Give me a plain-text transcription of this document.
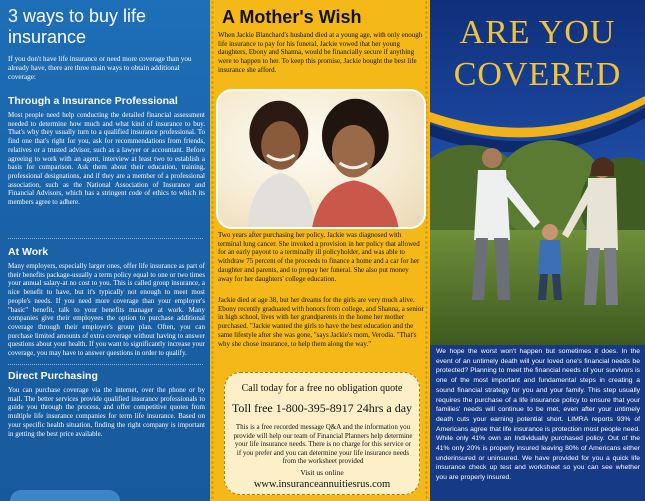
3 ways to buy life insurance

If you don't have life insurance or need more coverage than you already have, there are three main ways to obtain additional coverage:

Through a Insurance Professional

Most people need help conducting the detailed financial assessment needed to determine how much and what kind of insurance to buy. That's why they usually turn to a qualified insurance professional. To find one that's right for you, ask for recommendations from friends, relatives or a trusted advisor, such as a lawyer or accountant. Before agreeing to work with an agent, interview at least two to establish a basis for comparison. Ask them about their education, training, professional designations, and if they are a member of a professional association, such as the National Association of Insurance and Financial Advisors, which has a stringent code of ethics to which its members agree to adhere.

At Work

Many employers, especially larger ones, offer life insurance as part of their benefits package-usually a term policy equal to one or two times your annual salary-at no cost to you. This is called group insurance, a nice benefit to have, but it's typically not enough to meet most people's needs. If you need more coverage than your employer's "basic" benefit, talk to your benefits manager at work. Many companies give their employees the option to purchase additional coverage through their employer's group plan. Often, you can purchase limited amounts of extra coverage without having to answer questions about your health. If you want to significantly increase your coverage, you may have to answer questions in order to qualify.

Direct Purchasing

You can purchase coverage via the internet, over the phone or by mail. The better services provide qualified insurance professionals to guide you through the process, and offer competitive quotes from multiple life insurance companies for term life insurance. Based on your specific health situation, finding the right company is important in getting the best price available.

A Mother's Wish

When Jackie Blanchard's husband died at a young age, with only enough life insurance to pay for his funeral, Jackie vowed that her young daughters, Ebony and Shanna, would be financially secure if anything were to happen to her. To keep this promise, Jackie bought the best life insurance she afford.

Two years after purchasing her policy, Jackie was diagnosed with terminal lung cancer. She invoked a provision in her policy that allowed for an early payout to a terminally ill policyholder, and was able to withdraw 75 percent of the proceeds to finance a home and a car for her daughter and parents, and to prepay her funeral. She also put money away for her daughters' college education.

Jackie died at age 38, but her dreams for the girls are very much alive. Ebony recently graduated with honors from college, and Shanna, a senior in high school, lives with her grandparents in the home her mother purchased. "Jackie wanted the girls to have the best education and the same lifestyle after she was gone, "says Jackie's mom, Verodia. "That's why she chose insurance, to help them along the way."

Call today for a free no obligation quote
Toll free 1-800-395-8917 24hrs a day
This is a free recorded message Q&A and the information you provide will help our team of Financial Planners help determine your life insurance needs. There is no charge for this service or if you prefer and you can determine your life insurance needs from the worksheet provided
Visit us online
www.insuranceannuitiesrus.com
ARE YOU
COVERED

We hope the worst won't happen but sometimes it does. In the event of an untimely death will your loved one's financial needs be protected? Planning to meet the financial needs of your survivors is one of the most important and fundamental steps in creating a sound financial strategy for you and your family. This step usually requires the purchase of a life insurance policy to ensure that your families' needs will continue to be met, even after your untimely death cuts your earning potential short. LIMRA reports 93% of Americans agree that life insurance is protection most people need. While only 41% own an Individually purchased policy. Out of the 41% only 20% is properly insured leaving 80% of Americans either underinsured or uninsured. We have provided for you a quick life insurance check up test and worksheet so you can see whether you are properly insured.
